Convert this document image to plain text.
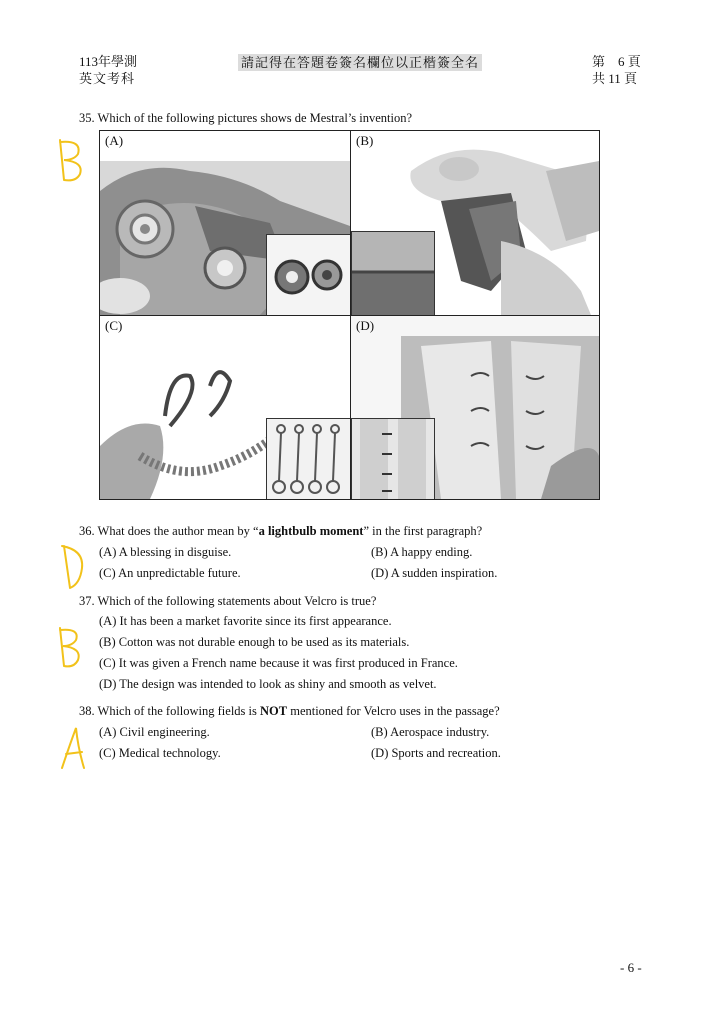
113年學測
英文考科
請記得在答題卷簽名欄位以正楷簽全名	第　6 頁
共 11 頁
35. Which of the following pictures shows de Mestral’s invention?
(A)	(B)
(C)	(D)
36. What does the author mean by “a lightbulb moment” in the first paragraph?
(A) A blessing in disguise.	(B) A happy ending.
(C) An unpredictable future.	(D) A sudden inspiration.
37. Which of the following statements about Velcro is true?
(A) It has been a market favorite since its first appearance.
(B) Cotton was not durable enough to be used as its materials.
(C) It was given a French name because it was first produced in France.
(D) The design was intended to look as shiny and smooth as velvet.
38. Which of the following fields is NOT mentioned for Velcro uses in the passage?
(A) Civil engineering.	(B) Aerospace industry.
(C) Medical technology.	(D) Sports and recreation.
- 6 -
